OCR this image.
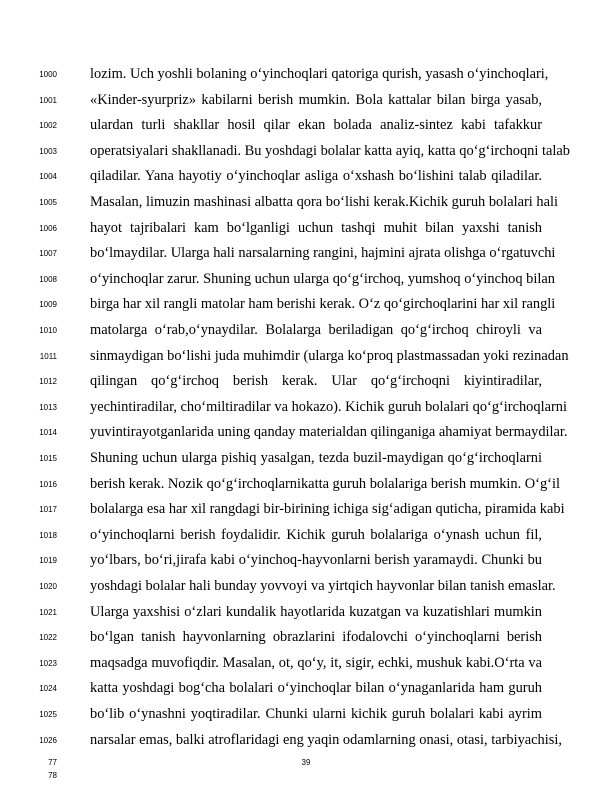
1000 lozim. Uch yoshli bolaning o‘yinchoqlari qatoriga qurish, yasash o‘yinchoqlari,
1001 «Kinder-syurpriz» kabilarni berish mumkin. Bola kattalar bilan birga yasab,
1002 ulardan turli shakllar hosil qilar ekan bolada analiz-sintez kabi tafakkur
1003 operatsiyalari shakllanadi. Bu yoshdagi bolalar katta ayiq, katta qo‘g‘irchoqni talab
1004 qiladilar. Yana hayotiy o‘yinchoqlar asliga o‘xshash bo‘lishini talab qiladilar.
1005 Masalan, limuzin mashinasi albatta qora bo‘lishi kerak.Kichik guruh bolalari hali
1006 hayot tajribalari kam bo‘lganligi uchun tashqi muhit bilan yaxshi tanish
1007 bo‘lmaydilar. Ularga hali narsalarning rangini, hajmini ajrata olishga o‘rgatuvchi
1008 o‘yinchoqlar zarur. Shuning uchun ularga qo‘g‘irchoq, yumshoq o‘yinchoq bilan
1009 birga har xil rangli matolar ham berishi kerak. O‘z qo‘girchoqlarini har xil rangli
1010 matolarga o‘rab,o‘ynaydilar. Bolalarga beriladigan qo‘g‘irchoq chiroyli va
1011 sinmaydigan bo‘lishi juda muhimdir (ularga ko‘proq plastmassadan yoki rezinadan
1012 qilingan qo‘g‘irchoq berish kerak. Ular qo‘g‘irchoqni kiyintiradilar,
1013 yechintiradilar, cho‘miltiradilar va hokazo). Kichik guruh bolalari qo‘g‘irchoqlarni
1014 yuvintirayotganlarida uning qanday materialdan qilinganiga ahamiyat bermaydilar.
1015 Shuning uchun ularga pishiq yasalgan, tezda buzil-maydigan qo‘g‘irchoqlarni
1016 berish kerak. Nozik qo‘g‘irchoqlarnikatta guruh bolalariga berish mumkin. O‘g‘il
1017 bolalarga esa har xil rangdagi bir-birining ichiga sig‘adigan quticha, piramida kabi
1018 o‘yinchoqlarni berish foydalidir. Kichik guruh bolalariga o‘ynash uchun fil,
1019 yo‘lbars, bo‘ri,jirafa kabi o‘yinchoq-hayvonlarni berish yaramaydi. Chunki bu
1020 yoshdagi bolalar hali bunday yovvoyi va yirtqich hayvonlar bilan tanish emaslar.
1021 Ularga yaxshisi o‘zlari kundalik hayotlarida kuzatgan va kuzatishlari mumkin
1022 bo‘lgan tanish hayvonlarning obrazlarini ifodalovchi o‘yinchoqlarni berish
1023 maqsadga muvofiqdir. Masalan, ot, qo‘y, it, sigir, echki, mushuk kabi.O‘rta va
1024 katta yoshdagi bog‘cha bolalari o‘yinchoqlar bilan o‘ynaganlarida ham guruh
1025 bo‘lib o‘ynashni yoqtiradilar. Chunki ularni kichik guruh bolalari kabi ayrim
1026 narsalar emas, balki atroflaridagi eng yaqin odamlarning onasi, otasi, tarbiyachisi,
39
77
78
